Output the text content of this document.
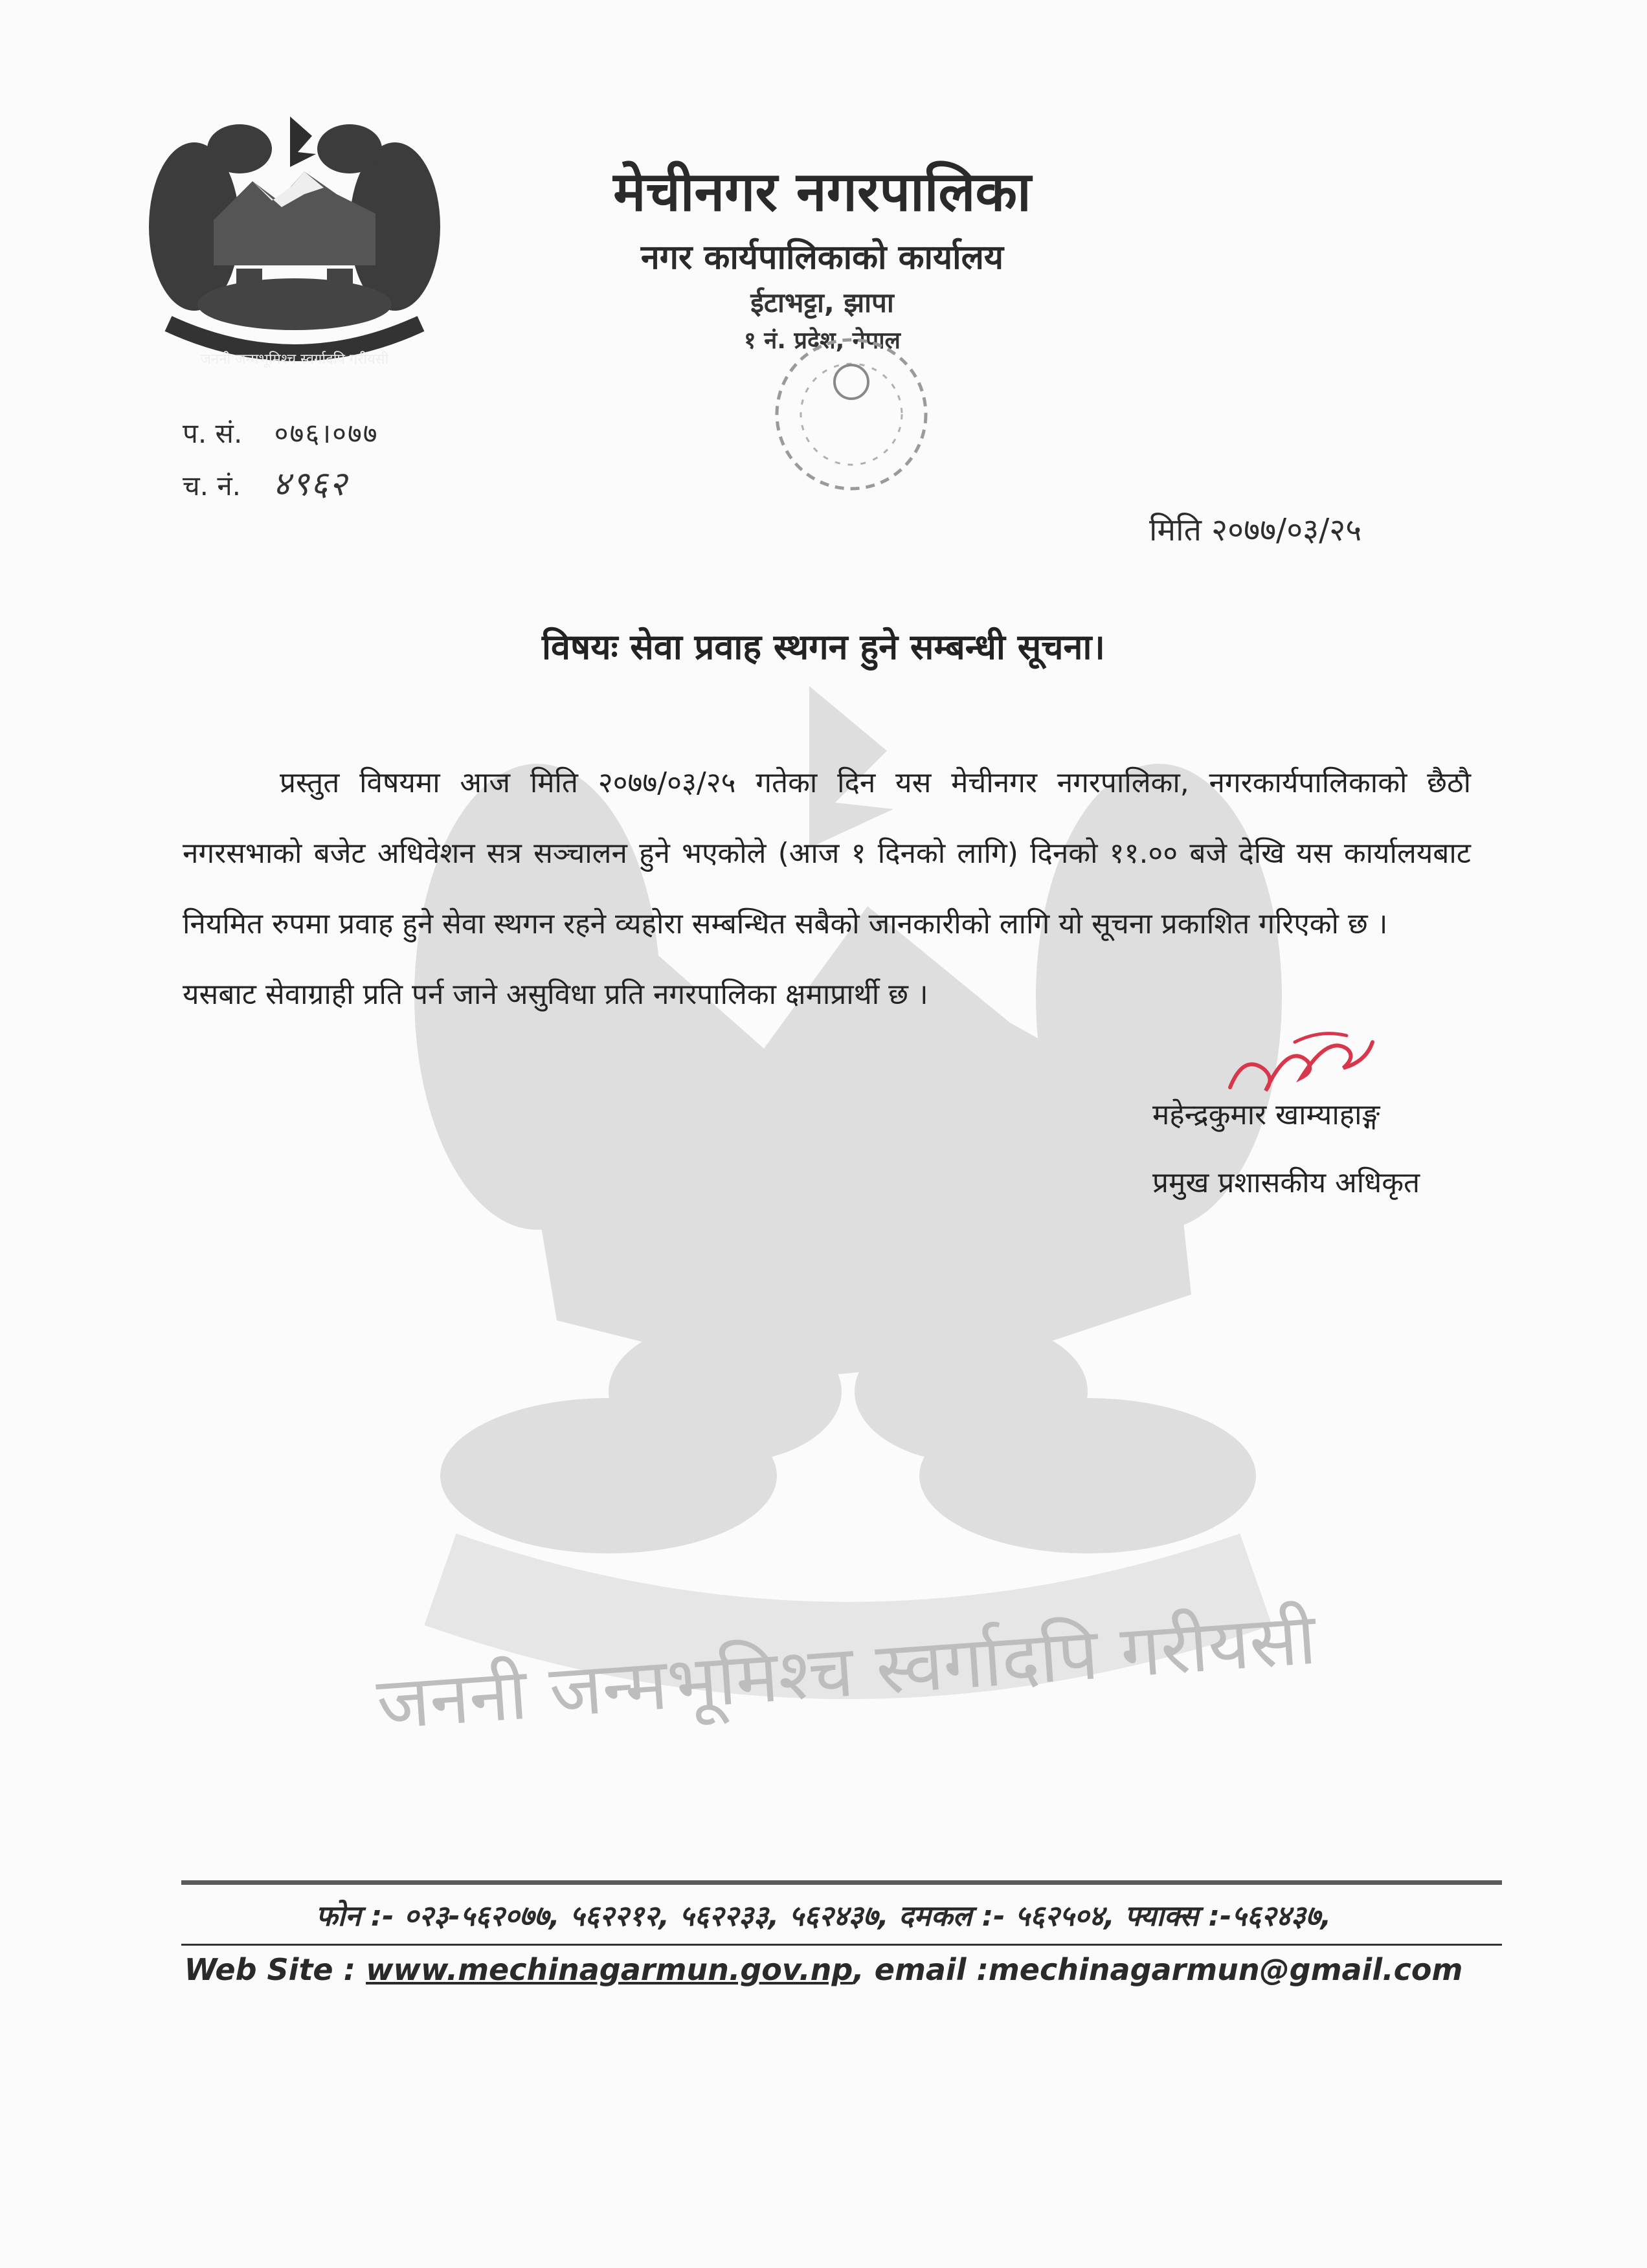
जननी जन्मभूमिश्च स्वर्गादपि गरीयसी
जननी जन्मभूमिश्च स्वर्गादपि गरीयसी
मेचीनगर नगरपालिका
नगर कार्यपालिकाको कार्यालय
ईटाभट्टा, झापा
१ नं. प्रदेश, नेपाल
प. सं. ०७६।०७७
च. नं. ४९६२
मिति २०७७/०३/२५
विषयः सेवा प्रवाह स्थगन हुने सम्बन्धी सूचना।

प्रस्तुत विषयमा आज मिति २०७७/०३/२५ गतेका दिन यस मेचीनगर नगरपालिका, नगरकार्यपालिकाको छैठौ नगरसभाको बजेट अधिवेशन सत्र सञ्चालन हुने भएकोले (आज १ दिनको लागि) दिनको ११.०० बजे देखि यस कार्यालयबाट नियमित रुपमा प्रवाह हुने सेवा स्थगन रहने व्यहोरा सम्बन्धित सबैको जानकारीको लागि यो सूचना प्रकाशित गरिएको छ ।

यसबाट सेवाग्राही प्रति पर्न जाने असुविधा प्रति नगरपालिका क्षमाप्रार्थी छ ।

महेन्द्रकुमार खाम्याहाङ्ग
प्रमुख प्रशासकीय अधिकृत
फोन :- ०२३-५६२०७७, ५६२२१२, ५६२२३३, ५६२४३७, दमकल :- ५६२५०४, फ्याक्स :-५६२४३७,
Web Site : www.mechinagarmun.gov.np, email :mechinagarmun@gmail.com
